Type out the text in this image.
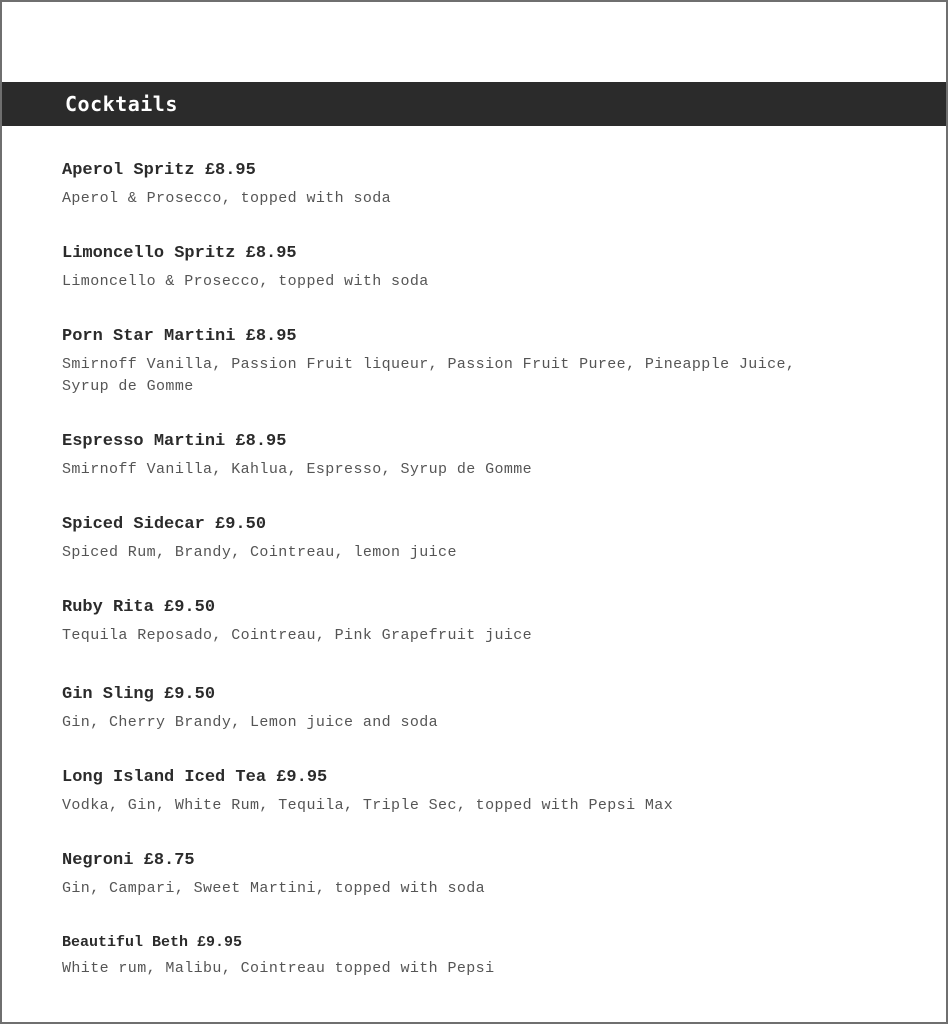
Cocktails
Aperol Spritz £8.95
Aperol & Prosecco, topped with soda
Limoncello Spritz £8.95
Limoncello & Prosecco, topped with soda
Porn Star Martini £8.95
Smirnoff Vanilla, Passion Fruit liqueur, Passion Fruit Puree, Pineapple Juice, Syrup de Gomme
Espresso Martini £8.95
Smirnoff Vanilla, Kahlua, Espresso, Syrup de Gomme
Spiced Sidecar £9.50
Spiced Rum, Brandy, Cointreau, lemon juice
Ruby Rita £9.50
Tequila Reposado, Cointreau, Pink Grapefruit juice
Gin Sling £9.50
Gin, Cherry Brandy, Lemon juice and soda
Long Island Iced Tea £9.95
Vodka, Gin, White Rum, Tequila, Triple Sec, topped with Pepsi Max
Negroni £8.75
Gin, Campari, Sweet Martini, topped with soda
Beautiful Beth £9.95
White rum, Malibu, Cointreau topped with Pepsi
